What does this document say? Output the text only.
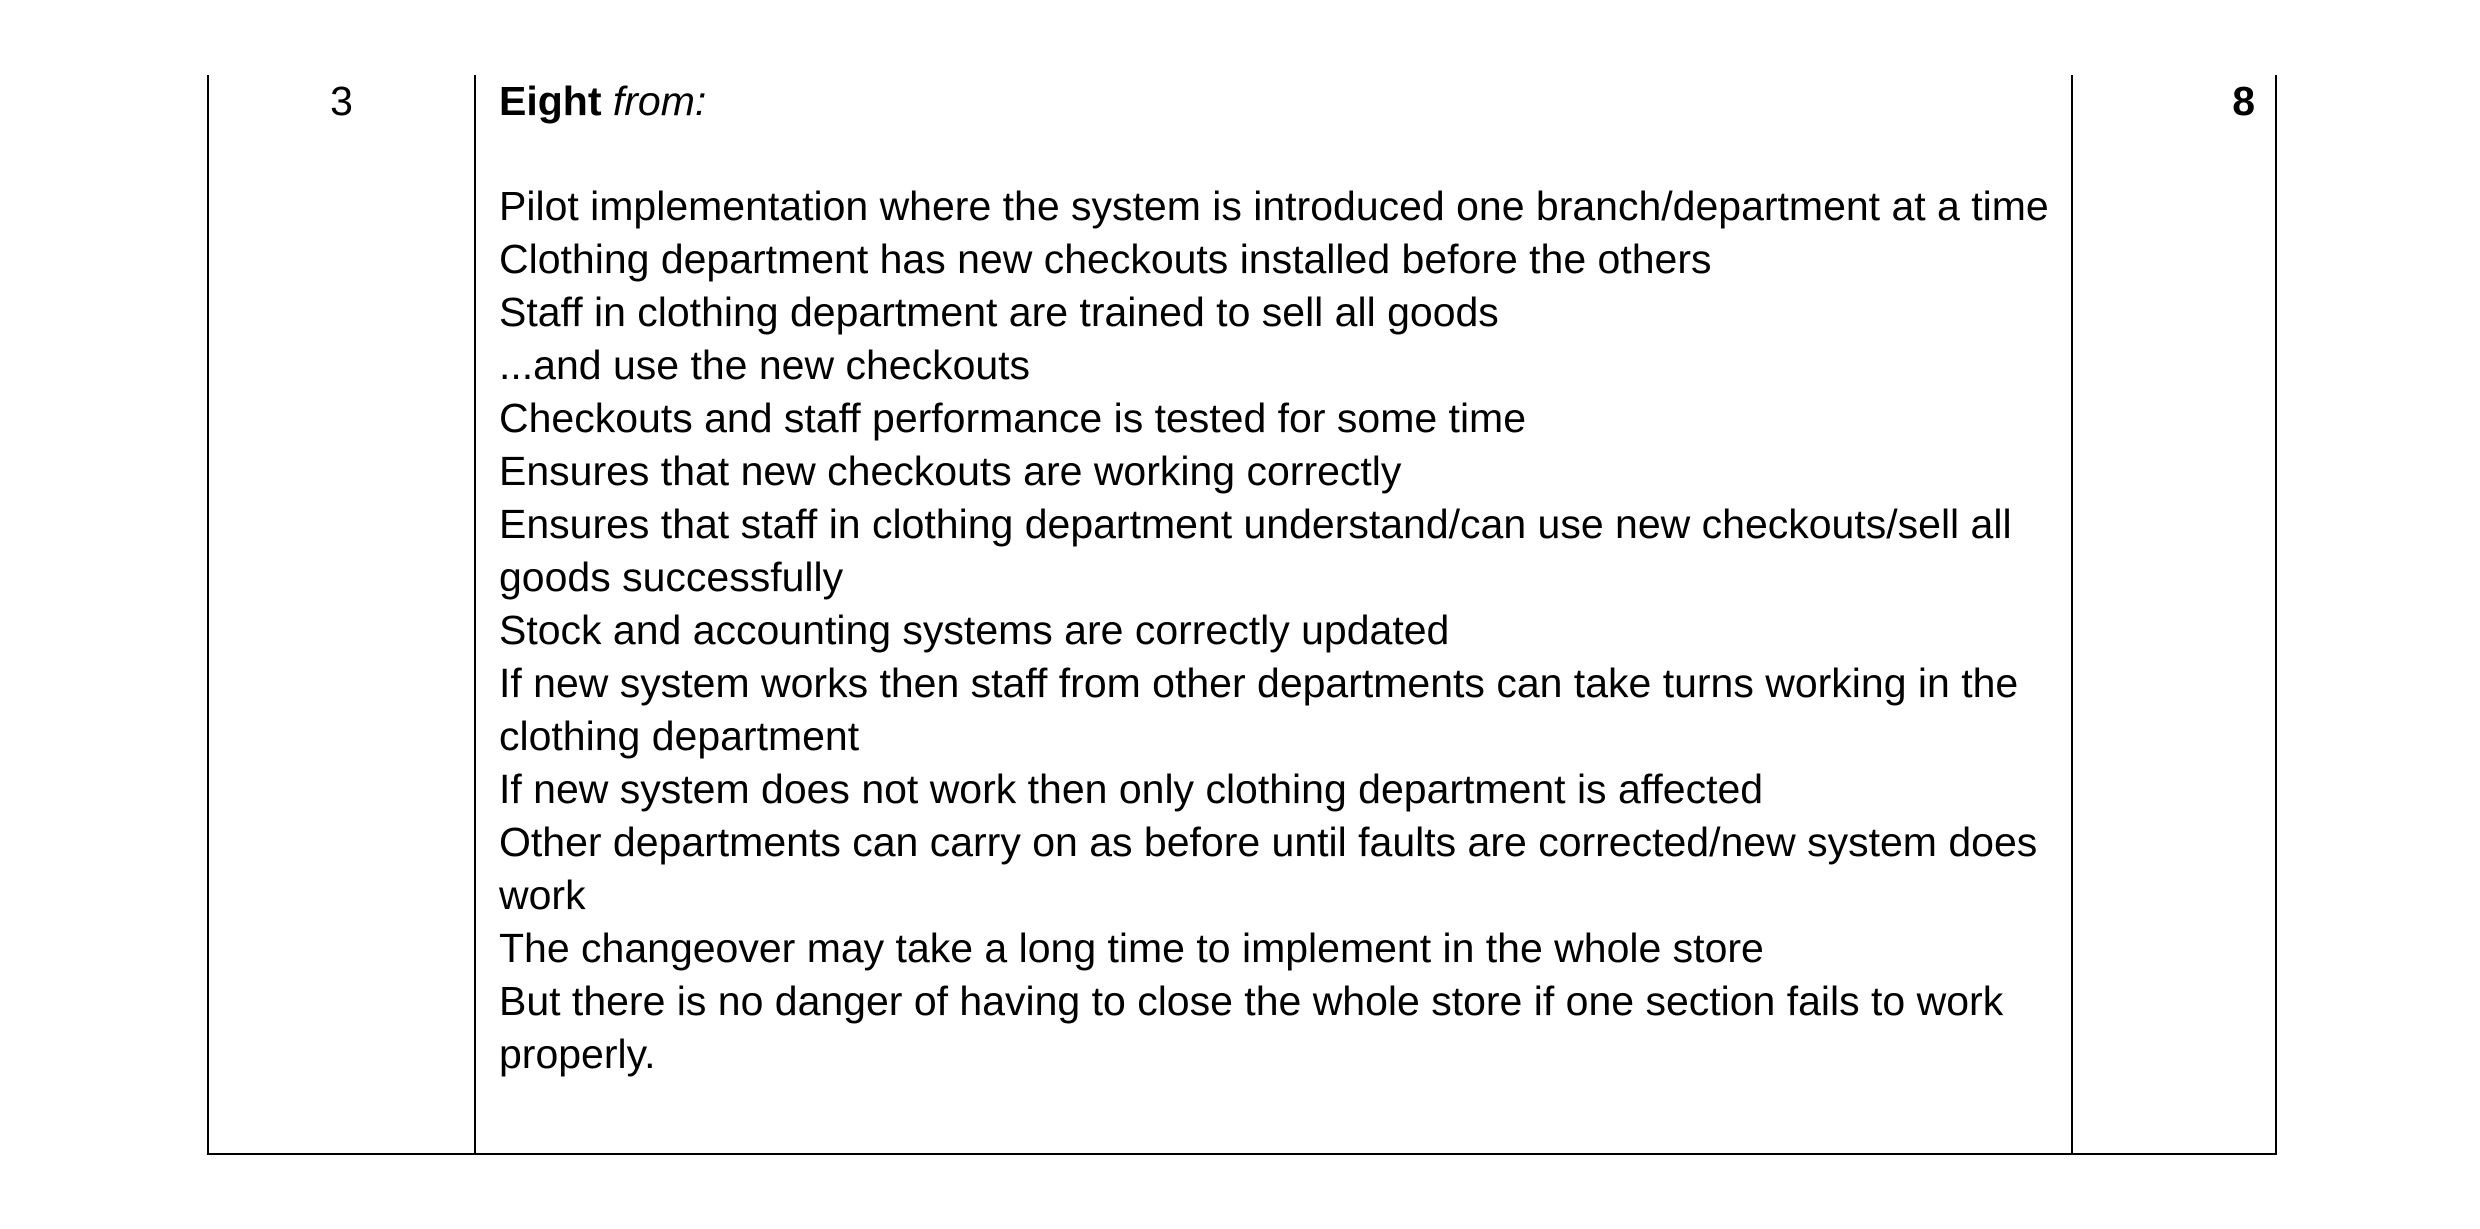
3	Eight from:

Pilot implementation where the system is introduced one branch/department at a time
Clothing department has new checkouts installed before the others
Staff in clothing department are trained to sell all goods
...and use the new checkouts
Checkouts and staff performance is tested for some time
Ensures that new checkouts are working correctly
Ensures that staff in clothing department understand/can use new checkouts/sell all goods successfully
Stock and accounting systems are correctly updated
If new system works then staff from other departments can take turns working in the clothing department
If new system does not work then only clothing department is affected
Other departments can carry on as before until faults are corrected/new system does work
The changeover may take a long time to implement in the whole store
But there is no danger of having to close the whole store if one section fails to work properly.
8
